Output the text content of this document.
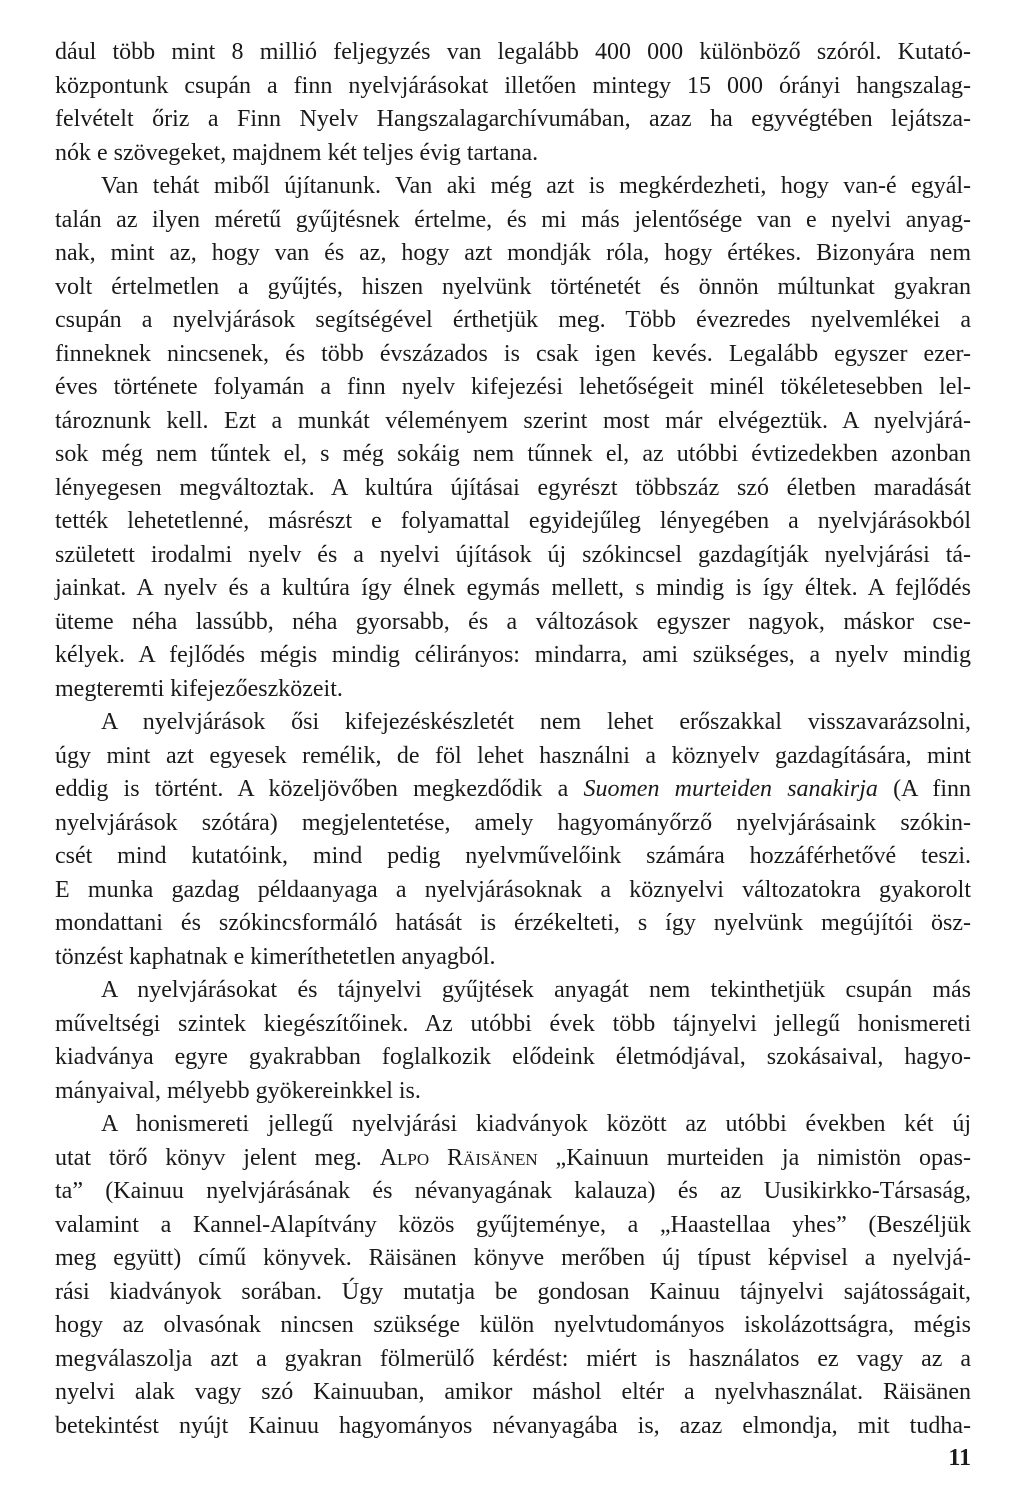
dául több mint 8 millió feljegyzés van legalább 400 000 különböző szóról. Kutató-
központunk csupán a finn nyelvjárásokat illetően mintegy 15 000 órányi hangszalag-
felvételt őriz a Finn Nyelv Hangszalagarchívumában, azaz ha egyvégtében lejátsza-
nók e szövegeket, majdnem két teljes évig tartana.
Van tehát miből újítanunk. Van aki még azt is megkérdezheti, hogy van-é egyál-
talán az ilyen méretű gyűjtésnek értelme, és mi más jelentősége van e nyelvi anyag-
nak, mint az, hogy van és az, hogy azt mondják róla, hogy értékes. Bizonyára nem
volt értelmetlen a gyűjtés, hiszen nyelvünk történetét és önnön múltunkat gyakran
csupán a nyelvjárások segítségével érthetjük meg. Több évezredes nyelvemlékei a
finneknek nincsenek, és több évszázados is csak igen kevés. Legalább egyszer ezer-
éves története folyamán a finn nyelv kifejezési lehetőségeit minél tökéletesebben lel-
tároznunk kell. Ezt a munkát véleményem szerint most már elvégeztük. A nyelvjárá-
sok még nem tűntek el, s még sokáig nem tűnnek el, az utóbbi évtizedekben azonban
lényegesen megváltoztak. A kultúra újításai egyrészt többszáz szó életben maradását
tették lehetetlenné, másrészt e folyamattal egyidejűleg lényegében a nyelvjárásokból
született irodalmi nyelv és a nyelvi újítások új szókincsel gazdagítják nyelvjárási tá-
jainkat. A nyelv és a kultúra így élnek egymás mellett, s mindig is így éltek. A fejlődés
üteme néha lassúbb, néha gyorsabb, és a változások egyszer nagyok, máskor cse-
kélyek. A fejlődés mégis mindig célirányos: mindarra, ami szükséges, a nyelv mindig
megteremti kifejezőeszközeit.
A nyelvjárások ősi kifejezéskészletét nem lehet erőszakkal visszavarázsolni,
úgy mint azt egyesek remélik, de föl lehet használni a köznyelv gazdagítására, mint
eddig is történt. A közeljövőben megkezdődik a Suomen murteiden sanakirja (A finn
nyelvjárások szótára) megjelentetése, amely hagyományőrző nyelvjárásaink szókin-
csét mind kutatóink, mind pedig nyelvművelőink számára hozzáférhetővé teszi.
E munka gazdag példaanyaga a nyelvjárásoknak a köznyelvi változatokra gyakorolt
mondattani és szókincsformáló hatását is érzékelteti, s így nyelvünk megújítói ösz-
tönzést kaphatnak e kimeríthetetlen anyagból.
A nyelvjárásokat és tájnyelvi gyűjtések anyagát nem tekinthetjük csupán más
műveltségi szintek kiegészítőinek. Az utóbbi évek több tájnyelvi jellegű honismereti
kiadványa egyre gyakrabban foglalkozik elődeink életmódjával, szokásaival, hagyo-
mányaival, mélyebb gyökereinkkel is.
A honismereti jellegű nyelvjárási kiadványok között az utóbbi években két új
utat törő könyv jelent meg. Alpo Räisänen „Kainuun murteiden ja nimistön opas-
ta” (Kainuu nyelvjárásának és névanyagának kalauza) és az Uusikirkko-Társaság,
valamint a Kannel-Alapítvány közös gyűjteménye, a „Haastellaa yhes” (Beszéljük
meg együtt) című könyvek. Räisänen könyve merőben új típust képvisel a nyelvjá-
rási kiadványok sorában. Úgy mutatja be gondosan Kainuu tájnyelvi sajátosságait,
hogy az olvasónak nincsen szüksége külön nyelvtudományos iskolázottságra, mégis
megválaszolja azt a gyakran fölmerülő kérdést: miért is használatos ez vagy az a
nyelvi alak vagy szó Kainuuban, amikor máshol eltér a nyelvhasználat. Räisänen
betekintést nyújt Kainuu hagyományos névanyagába is, azaz elmondja, mit tudha-
11
